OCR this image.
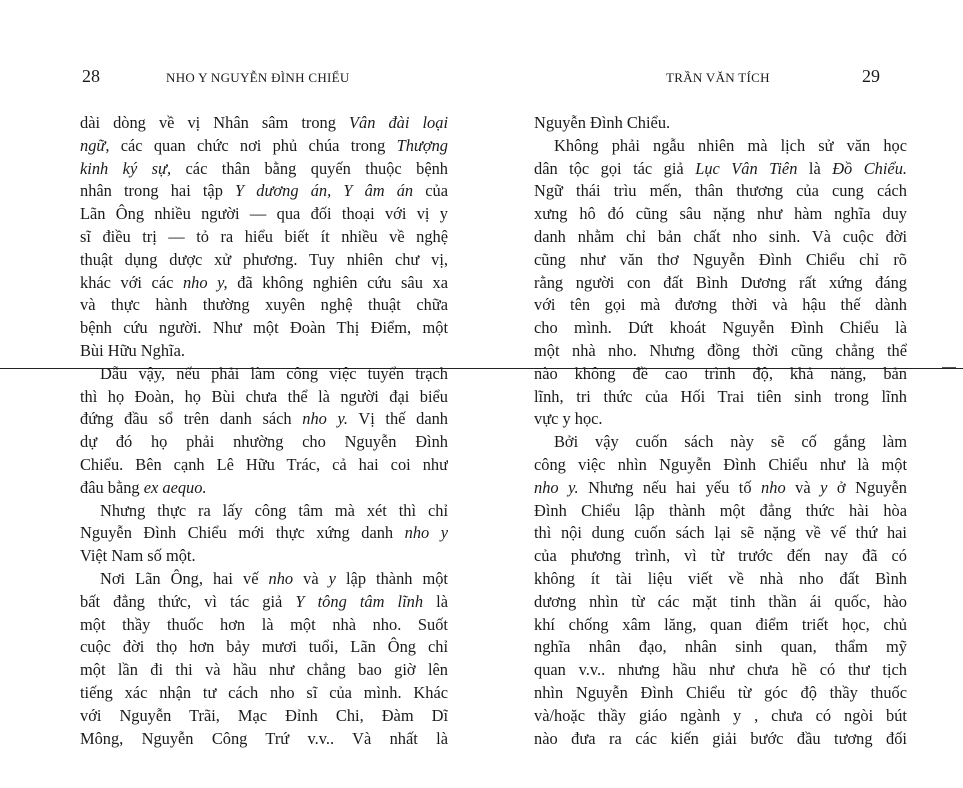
28	NHO Y NGUYỄN ĐÌNH CHIỂU
dài dòng về vị Nhân sâm trong Vân đài loại
ngữ, các quan chức nơi phủ chúa trong Thượng
kinh ký sự, các thân bằng quyến thuộc bệnh
nhân trong hai tập Y dương án, Y âm án của
Lãn Ông nhiều người — qua đối thoại với vị y
sĩ điều trị — tỏ ra hiểu biết ít nhiều về nghệ
thuật dụng dược xử phương. Tuy nhiên chư vị,
khác với các nho y, đã không nghiên cứu sâu xa
và thực hành thường xuyên nghệ thuật chữa
bệnh cứu người. Như một Đoàn Thị Điểm, một
Bùi Hữu Nghĩa.
Dẫu vậy, nếu phải làm công việc tuyển trạch
thì họ Đoàn, họ Bùi chưa thể là người đại biểu
đứng đầu sổ trên danh sách nho y. Vị thế danh
dự đó họ phải nhường cho Nguyễn Đình
Chiểu. Bên cạnh Lê Hữu Trác, cả hai coi như
đâu bằng ex aequo.
Nhưng thực ra lấy công tâm mà xét thì chỉ
Nguyễn Đình Chiểu mới thực xứng danh nho y
Việt Nam số một.
Nơi Lãn Ông, hai vế nho và y lập thành một
bất đẳng thức, vì tác giả Y tông tâm lĩnh là
một thầy thuốc hơn là một nhà nho. Suốt
cuộc đời thọ hơn bảy mươi tuổi, Lãn Ông chỉ
một lần đi thi và hầu như chẳng bao giờ lên
tiếng xác nhận tư cách nho sĩ của mình. Khác
với Nguyễn Trãi, Mạc Đỉnh Chi, Đàm Dĩ
Mông, Nguyễn Công Trứ v.v.. Và nhất là
TRẦN VĂN TÍCH	29
Nguyễn Đình Chiểu.
Không phải ngẫu nhiên mà lịch sử văn học
dân tộc gọi tác giả Lục Vân Tiên là Đồ Chiểu.
Ngữ thái trìu mến, thân thương của cung cách
xưng hô đó cũng sâu nặng như hàm nghĩa duy
danh nhằm chỉ bản chất nho sinh. Và cuộc đời
cũng như văn thơ Nguyễn Đình Chiểu chỉ rõ
rằng người con đất Bình Dương rất xứng đáng
với tên gọi mà đương thời và hậu thế dành
cho mình. Dứt khoát Nguyễn Đình Chiểu là
một nhà nho. Nhưng đồng thời cũng chẳng thể
nào không đề cao trình độ, khả năng, bản
lĩnh, tri thức của Hối Trai tiên sinh trong lĩnh
vực y học.
Bởi vậy cuốn sách này sẽ cố gắng làm
công việc nhìn Nguyễn Đình Chiểu như là một
nho y. Nhưng nếu hai yếu tố nho và y ở Nguyễn
Đình Chiểu lập thành một đẳng thức hài hòa
thì nội dung cuốn sách lại sẽ nặng về vế thứ hai
của phương trình, vì từ trước đến nay đã có
không ít tài liệu viết về nhà nho đất Bình
dương nhìn từ các mặt tinh thần ái quốc, hào
khí chống xâm lăng, quan điểm triết học, chủ
nghĩa nhân đạo, nhân sinh quan, thẩm mỹ
quan v.v.. nhưng hầu như chưa hề có thư tịch
nhìn Nguyễn Đình Chiểu từ góc độ thầy thuốc
và/hoặc thầy giáo ngành y , chưa có ngòi bút
nào đưa ra các kiến giải bước đầu tương đối
